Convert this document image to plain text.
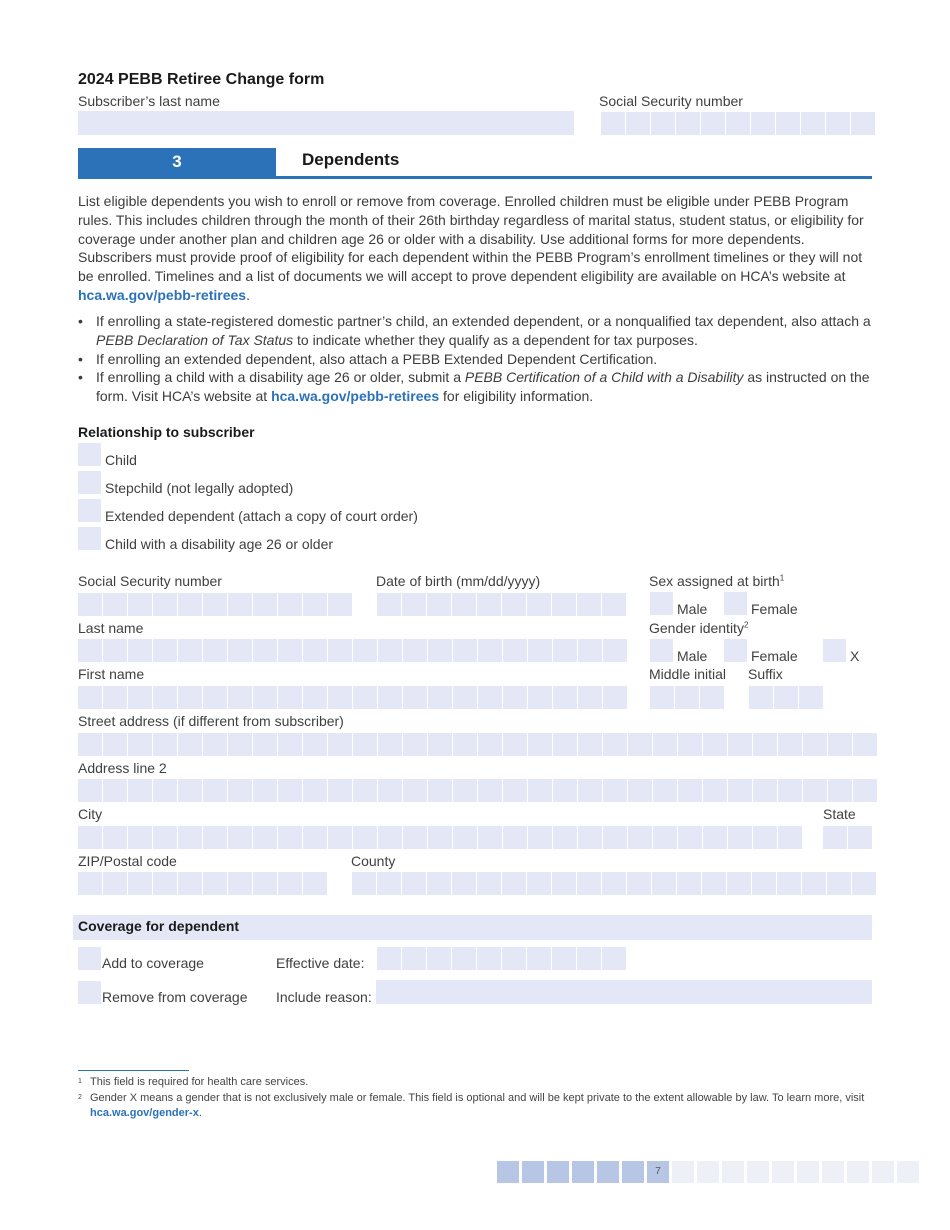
2024 PEBB Retiree Change form
Subscriber’s last name	Social Security number
3	Dependents
List eligible dependents you wish to enroll or remove from coverage. Enrolled children must be eligible under PEBB Program rules. This includes children through the month of their 26th birthday regardless of marital status, student status, or eligibility for coverage under another plan and children age 26 or older with a disability. Use additional forms for more dependents. Subscribers must provide proof of eligibility for each dependent within the PEBB Program’s enrollment timelines or they will not be enrolled. Timelines and a list of documents we will accept to prove dependent eligibility are available on HCA’s website at hca.wa.gov/pebb-retirees.
• If enrolling a state-registered domestic partner’s child, an extended dependent, or a nonqualified tax dependent, also attach a PEBB Declaration of Tax Status to indicate whether they qualify as a dependent for tax purposes.
• If enrolling an extended dependent, also attach a PEBB Extended Dependent Certification.
• If enrolling a child with a disability age 26 or older, submit a PEBB Certification of a Child with a Disability as instructed on the form. Visit HCA’s website at hca.wa.gov/pebb-retirees for eligibility information.
Relationship to subscriber
Child
Stepchild (not legally adopted)
Extended dependent (attach a copy of court order)
Child with a disability age 26 or older
Social Security number	Date of birth (mm/dd/yyyy)	Sex assigned at birth$^1$
Male	Female
Last name	Gender identity$^2$
Male	Female	X
First name	Middle initial Suffix
Street address (if different from subscriber)
Address line 2
City	State
ZIP/Postal code	County
Coverage for dependent
Add to coverage	Effective date:
Remove from coverage Include reason:
$^1$ This field is required for health care services.
$^2$ Gender X means a gender that is not exclusively male or female. This field is optional and will be kept private to the extent allowable by law. To learn more, visit hca.wa.gov/gender-x.
7
